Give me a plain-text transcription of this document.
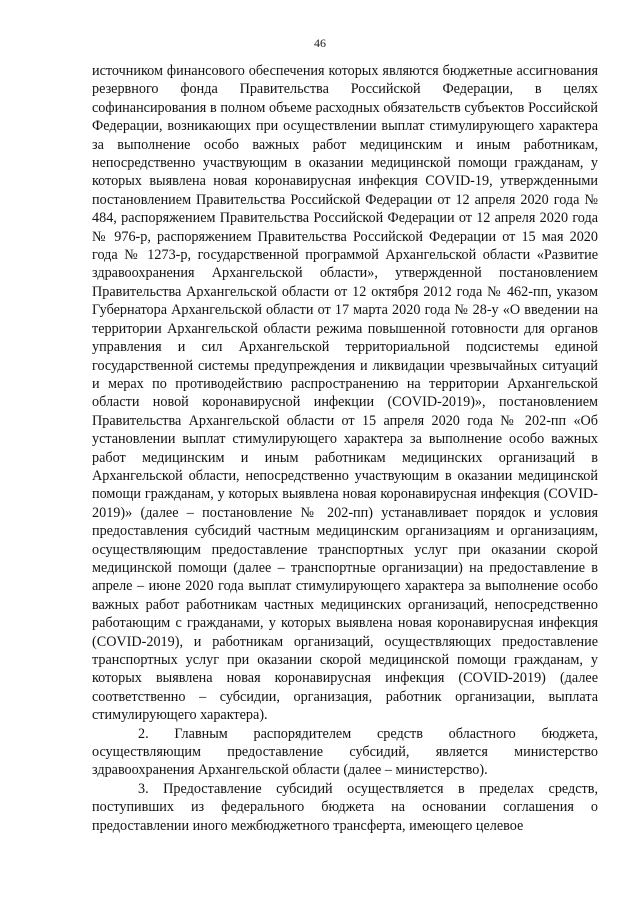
46

источником финансового обеспечения которых являются бюджетные ассигнования резервного фонда Правительства Российской Федерации, в целях софинансирования в полном объеме расходных обязательств субъектов Российской Федерации, возникающих при осуществлении выплат стимулирующего характера за выполнение особо важных работ медицинским и иным работникам, непосредственно участвующим в оказании медицинской помощи гражданам, у которых выявлена новая коронавирусная инфекция COVID-19, утвержденными постановлением Правительства Российской Федерации от 12 апреля 2020 года № 484, распоряжением Правительства Российской Федерации от 12 апреля 2020 года № 976-р, распоряжением Правительства Российской Федерации от 15 мая 2020 года № 1273-р, государственной программой Архангельской области «Развитие здравоохранения Архангельской области», утвержденной постановлением Правительства Архангельской области от 12 октября 2012 года № 462-пп, указом Губернатора Архангельской области от 17 марта 2020 года № 28-у «О введении на территории Архангельской области режима повышенной готовности для органов управления и сил Архангельской территориальной подсистемы единой государственной системы предупреждения и ликвидации чрезвычайных ситуаций и мерах по противодействию распространению на территории Архангельской области новой коронавирусной инфекции (COVID-2019)», постановлением Правительства Архангельской области от 15 апреля 2020 года № 202-пп «Об установлении выплат стимулирующего характера за выполнение особо важных работ медицинским и иным работникам медицинских организаций в Архангельской области, непосредственно участвующим в оказании медицинской помощи гражданам, у которых выявлена новая коронавирусная инфекция (COVID-2019)» (далее – постановление № 202-пп) устанавливает порядок и условия предоставления субсидий частным медицинским организациям и организациям, осуществляющим предоставление транспортных услуг при оказании скорой медицинской помощи (далее – транспортные организации) на предоставление в апреле – июне 2020 года выплат стимулирующего характера за выполнение особо важных работ работникам частных медицинских организаций, непосредственно работающим с гражданами, у которых выявлена новая коронавирусная инфекция (COVID-2019), и работникам организаций, осуществляющих предоставление транспортных услуг при оказании скорой медицинской помощи гражданам, у которых выявлена новая коронавирусная инфекция (COVID-2019) (далее соответственно – субсидии, организация, работник организации, выплата стимулирующего характера).

2. Главным распорядителем средств областного бюджета, осуществляющим предоставление субсидий, является министерство здравоохранения Архангельской области (далее – министерство).

3. Предоставление субсидий осуществляется в пределах средств, поступивших из федерального бюджета на основании соглашения о предоставлении иного межбюджетного трансферта, имеющего целевое
